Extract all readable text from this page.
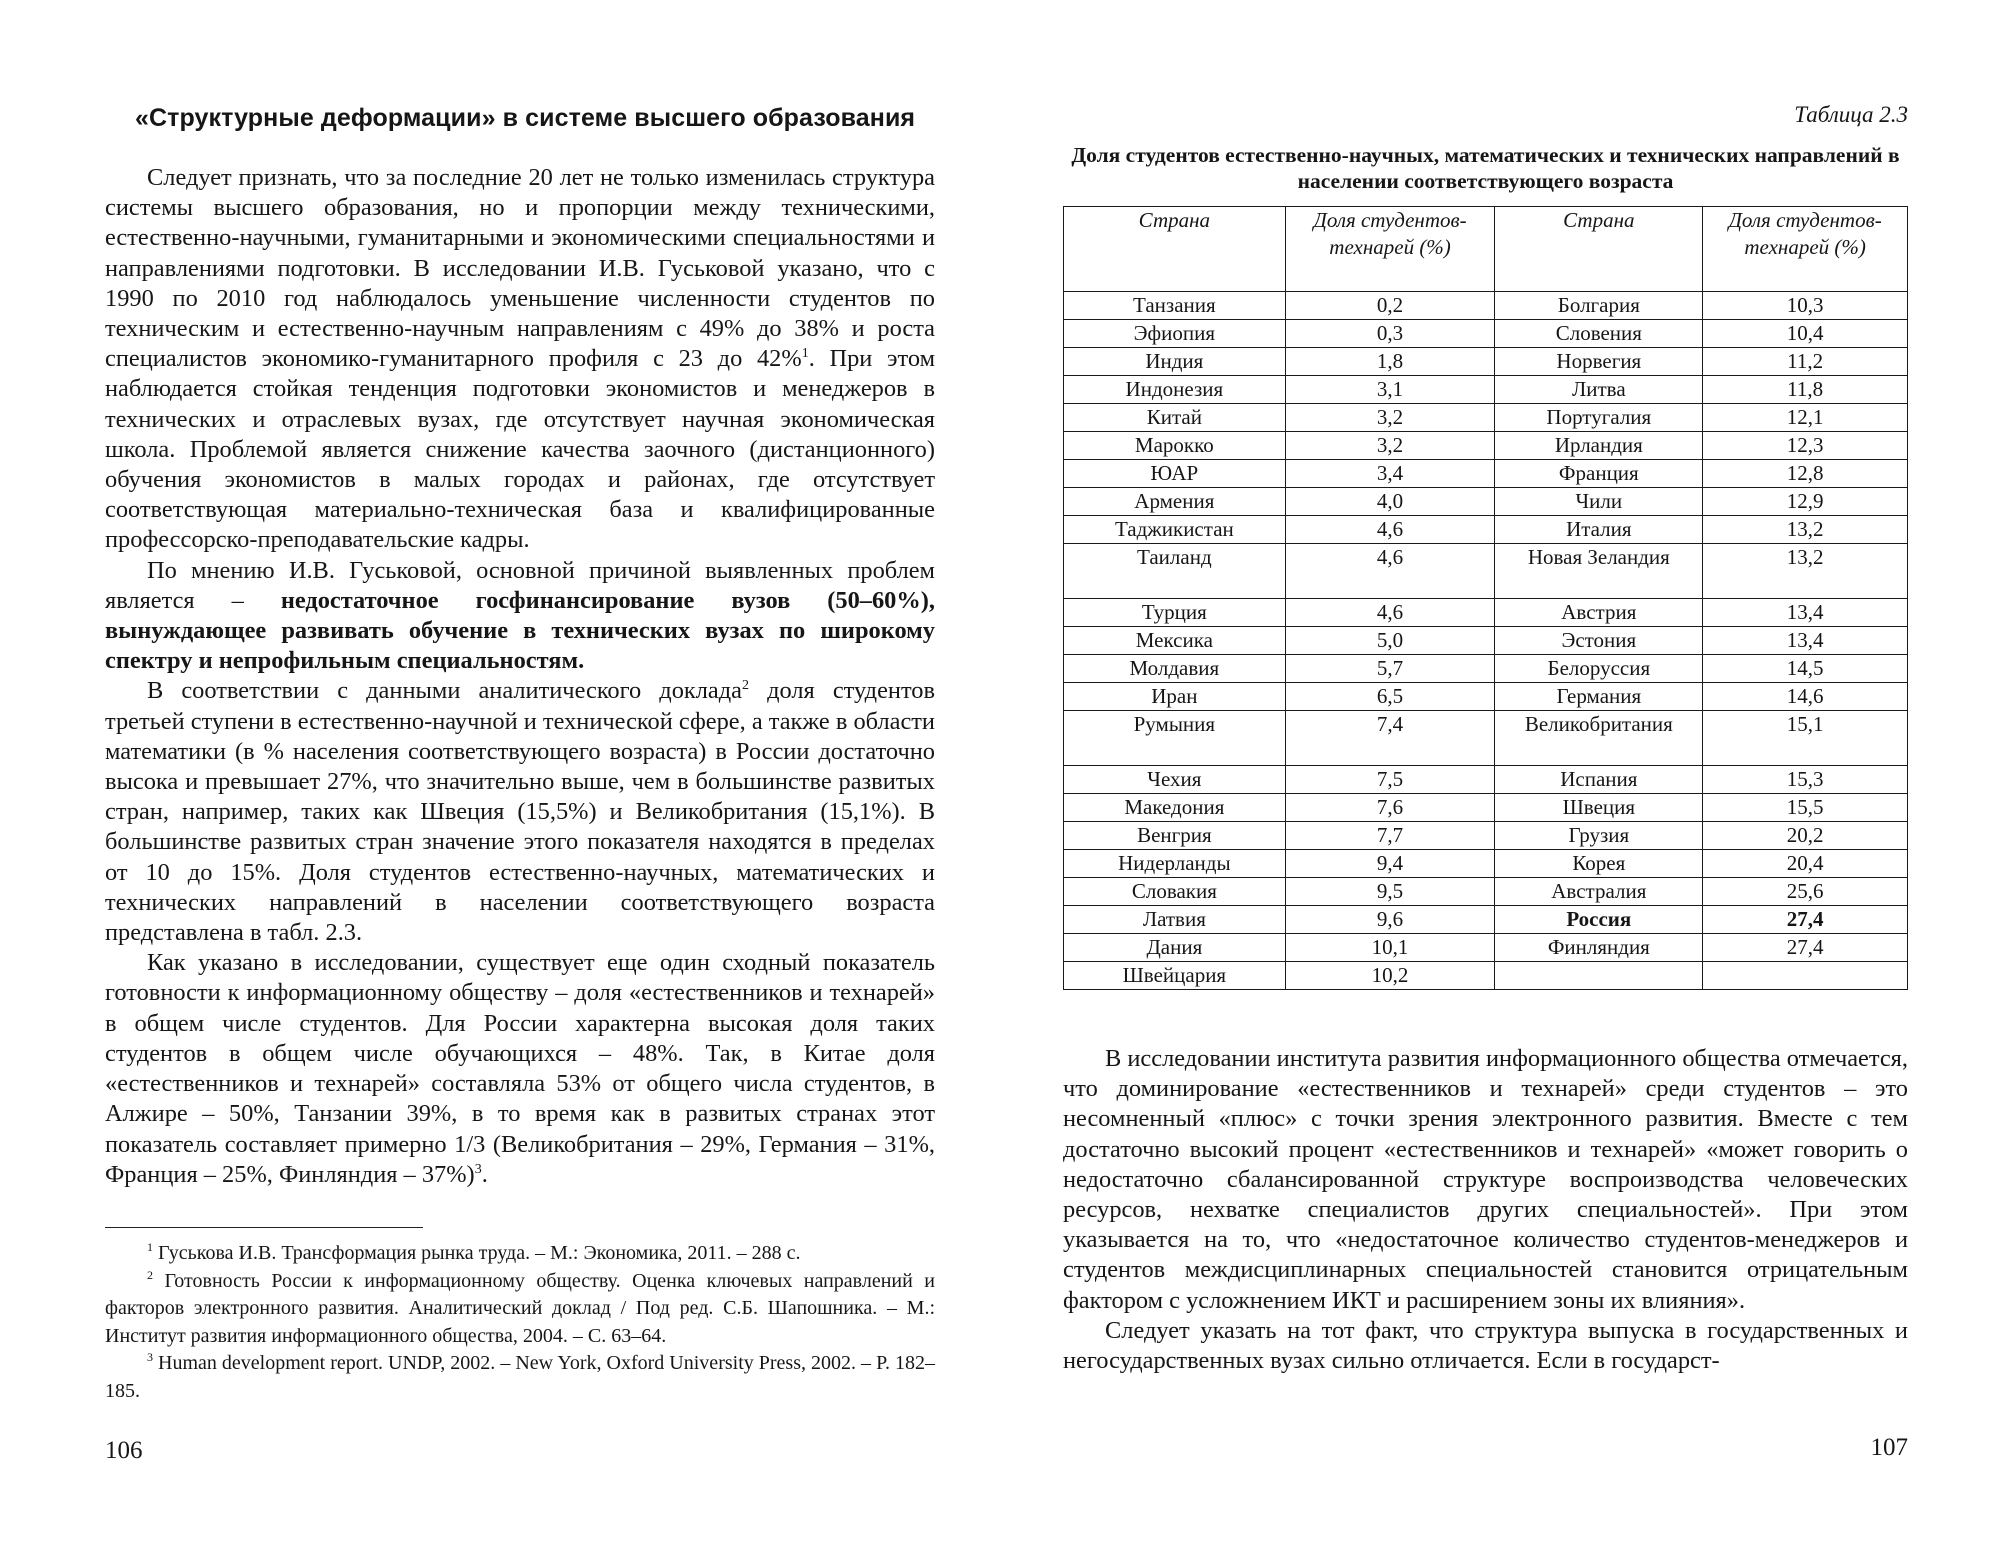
«Структурные деформации» в системе высшего образования

Следует признать, что за последние 20 лет не только изменилась структура системы высшего образования, но и пропорции между техническими, естественно-научными, гуманитарными и экономическими специальностями и направлениями подготовки. В исследовании И.В. Гуськовой указано, что с 1990 по 2010 год наблюдалось уменьшение численности студентов по техническим и естественно-научным направлениям с 49% до 38% и роста специалистов экономико-гуманитарного профиля с 23 до 42%$^1$. При этом наблюдается стойкая тенденция подготовки экономистов и менеджеров в технических и отраслевых вузах, где отсутствует научная экономическая школа. Проблемой является снижение качества заочного (дистанционного) обучения экономистов в малых городах и районах, где отсутствует соответствующая материально-техническая база и квалифицированные профессорско-преподавательские кадры.

По мнению И.В. Гуськовой, основной причиной выявленных проблем является – недостаточное госфинансирование вузов (50–60%), вынуждающее развивать обучение в технических вузах по широкому спектру и непрофильным специальностям.

В соответствии с данными аналитического доклада$^2$ доля студентов третьей ступени в естественно-научной и технической сфере, а также в области математики (в % населения соответствующего возраста) в России достаточно высока и превышает 27%, что значительно выше, чем в большинстве развитых стран, например, таких как Швеция (15,5%) и Великобритания (15,1%). В большинстве развитых стран значение этого показателя находятся в пределах от 10 до 15%. Доля студентов естественно-научных, математических и технических направлений в населении соответствующего возраста представлена в табл. 2.3.

Как указано в исследовании, существует еще один сходный показатель готовности к информационному обществу – доля «естественников и технарей» в общем числе студентов. Для России характерна высокая доля таких студентов в общем числе обучающихся – 48%. Так, в Китае доля «естественников и технарей» составляла 53% от общего числа студентов, в Алжире – 50%, Танзании 39%, в то время как в развитых странах этот показатель составляет примерно 1/3 (Великобритания – 29%, Германия – 31%, Франция – 25%, Финляндия – 37%)$^3$.

$^1$ Гуськова И.В. Трансформация рынка труда. – М.: Экономика, 2011. – 288 с.

$^2$ Готовность России к информационному обществу. Оценка ключевых направлений и факторов электронного развития. Аналитический доклад / Под ред. С.Б. Шапошника. – М.: Институт развития информационного общества, 2004. – С. 63–64.

$^3$ Human development report. UNDP, 2002. – New York, Oxford University Press, 2002. – P. 182–185.

106
Таблица 2.3
Доля студентов естественно-научных, математических и технических направлений в населении соответствующего возраста
Страна	Доля студентов-технарей (%)	Страна	Доля студентов-технарей (%)
Танзания	0,2	Болгария	10,3
Эфиопия	0,3	Словения	10,4
Индия	1,8	Норвегия	11,2
Индонезия	3,1	Литва	11,8
Китай	3,2	Португалия	12,1
Марокко	3,2	Ирландия	12,3
ЮАР	3,4	Франция	12,8
Армения	4,0	Чили	12,9
Таджикистан	4,6	Италия	13,2
Таиланд	4,6	Новая Зеландия	13,2
Турция	4,6	Австрия	13,4
Мексика	5,0	Эстония	13,4
Молдавия	5,7	Белоруссия	14,5
Иран	6,5	Германия	14,6
Румыния	7,4	Великобритания	15,1
Чехия	7,5	Испания	15,3
Македония	7,6	Швеция	15,5
Венгрия	7,7	Грузия	20,2
Нидерланды	9,4	Корея	20,4
Словакия	9,5	Австралия	25,6
Латвия	9,6	Россия	27,4
Дания	10,1	Финляндия	27,4
Швейцария	10,2		

В исследовании института развития информационного общества отмечается, что доминирование «естественников и технарей» среди студентов – это несомненный «плюс» с точки зрения электронного развития. Вместе с тем достаточно высокий процент «естественников и технарей» «может говорить о недостаточно сбалансированной структуре воспроизводства человеческих ресурсов, нехватке специалистов других специальностей». При этом указывается на то, что «недостаточное количество студентов-менеджеров и студентов междисциплинарных специальностей становится отрицательным фактором с усложнением ИКТ и расширением зоны их влияния».

Следует указать на тот факт, что структура выпуска в государственных и негосударственных вузах сильно отличается. Если в государст-

107
